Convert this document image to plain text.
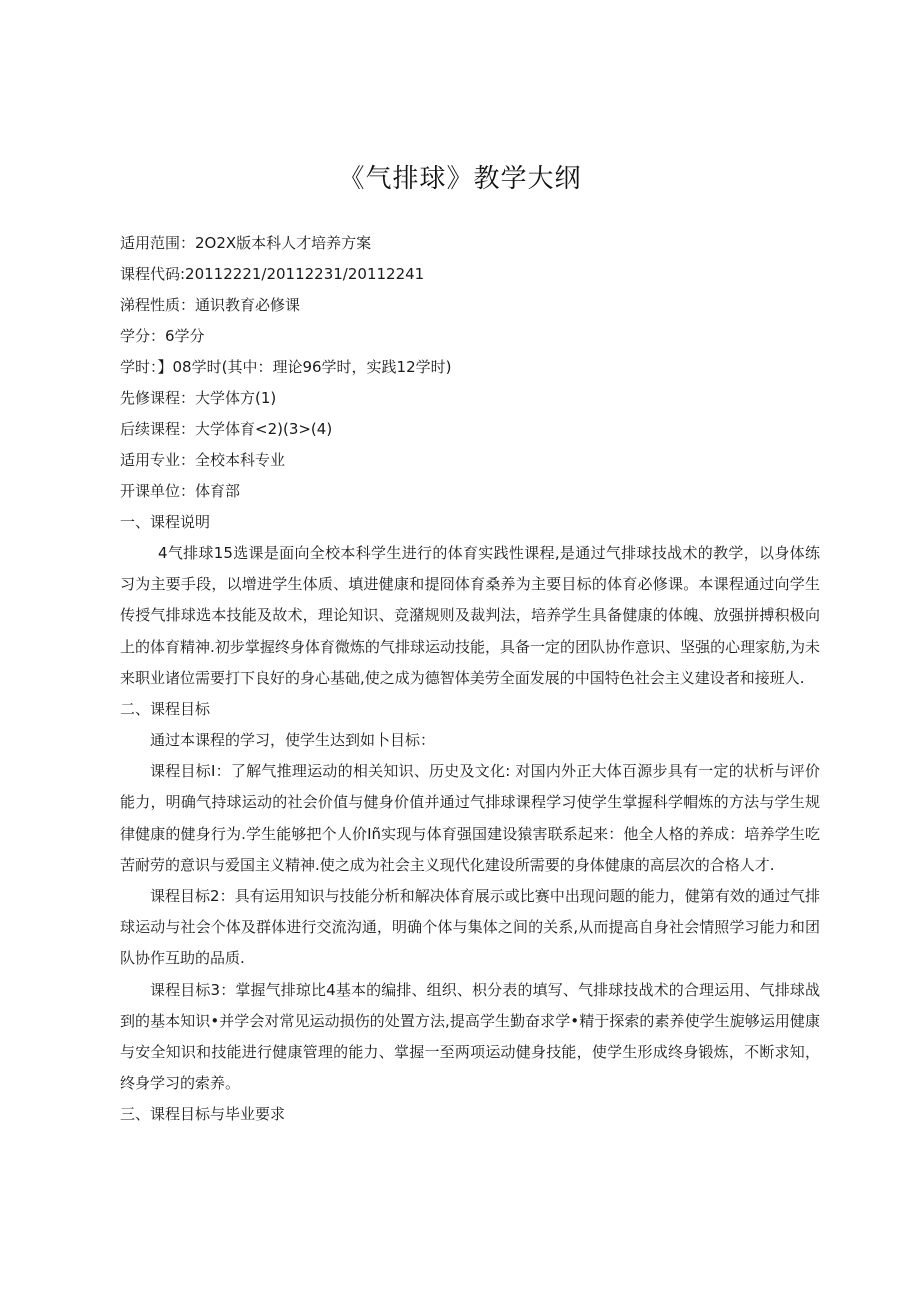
《气排球》教学大纲
适用范围：2O2X版本科人才培养方案
课程代码:20112221/20112231/20112241
涕程性质：通识教育必修课
学分：6学分
学时：】08学时(其中：理论96学时，实践12学时)
先修课程：大学体方(1)
后续课程：大学体育<2)(3>(4)
适用专业：全校本科专业
开课单位：体育部
一、课程说明

4气排球15选课是面向全校本科学生进行的体育实践性课程,是通过气排球技战术的教学，以身体练习为主要手段，以增进学生体质、填进健康和提冏体育桑养为主要目标的体育必修课。本课程通过向学生传授气排球选本技能及故术，理论知识、竞潴规则及裁判法，培养学生具备健康的体魄、放强拼搏积极向上的体育精神.初步掌握终身体育微炼的气排球运动技能，具备一定的团队协作意识、坚强的心理家舫,为未来职业诸位需要打下良好的身心基础,使之成为德智体美劳全面发展的中国特色社会主义建设者和接班人.

二、课程目标

通过本课程的学习，使学生达到如卜目标：

课程目标I：了解气推理运动的相关知识、历史及文化: 对国内外正大体百源步具有一定的状析与评价能力，明确气持球运动的社会价值与健身价值并通过气排球课程学习使学生掌握科学帽炼的方法与学生规律健康的健身行为.学生能够把个人价Iñ实现与体育强国建设猿害联系起来：他全人格的养成：培养学生吃苦耐劳的意识与爱国主义精神.使之成为社会主义现代化建设所需要的身体健康的高层次的合格人才.

课程目标2：具有运用知识与技能分析和解决体育展示或比赛中出现问题的能力，健第有效的通过气排球运动与社会个体及群体进行交流沟通，明确个体与集体之间的关系,从而提高自身社会情照学习能力和团队协作互助的品质.

课程目标3：掌握气排琼比4基本的编排、组织、枳分表的填写、气排球技战术的合理运用、气排球战到的基本知识•并学会对常见运动损伤的处置方法,提高学生勤奋求学•精于探索的素养使学生旎够运用健康与安全知识和技能进行健康管理的能力、掌握一至两项运动健身技能，使学生形成终身锻炼，不断求知，终身学习的索养。

三、课程目标与毕业要求
